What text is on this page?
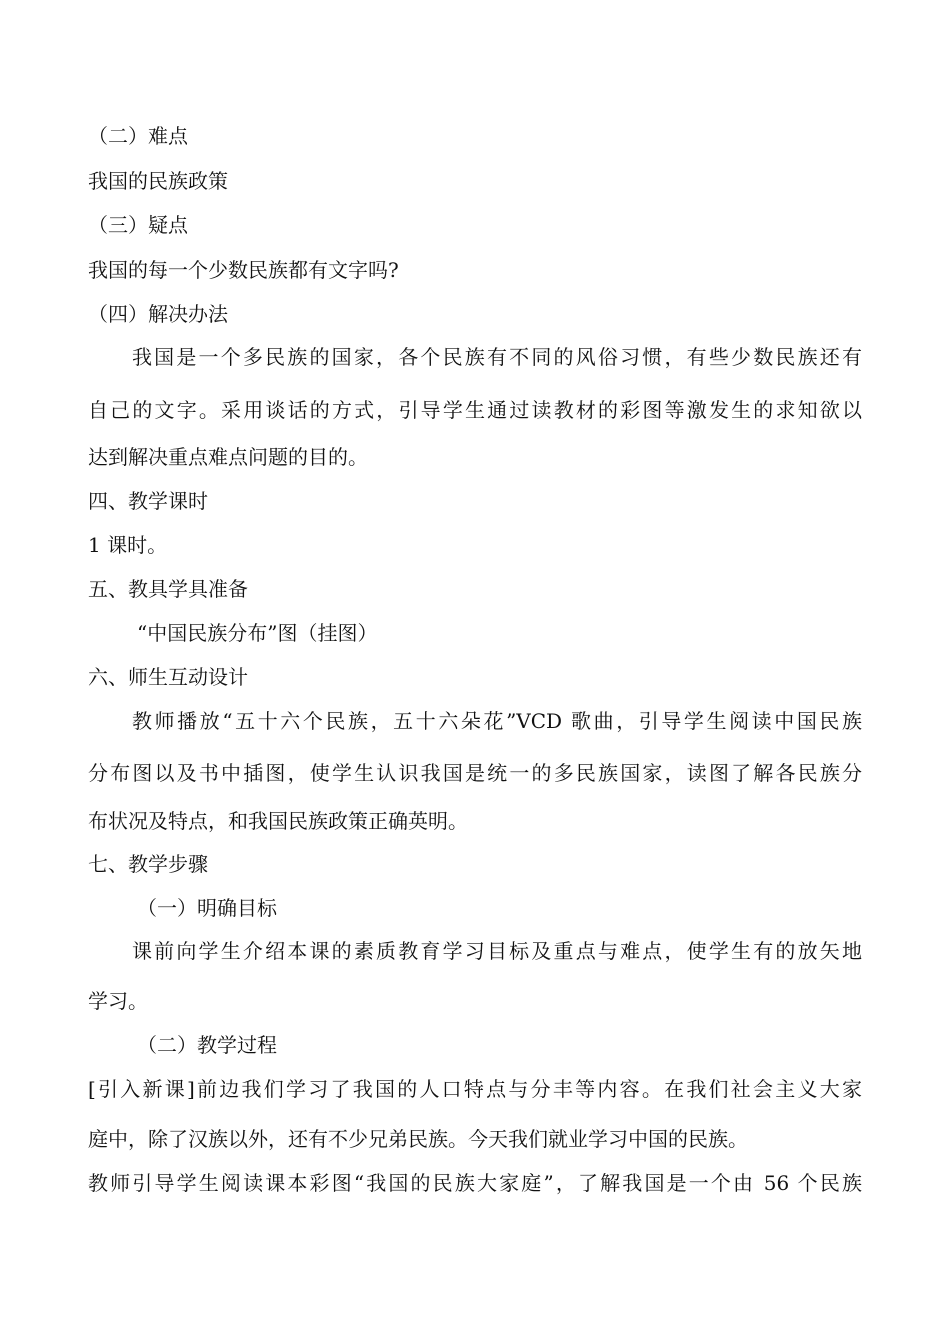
（二）难点
我国的民族政策
（三）疑点
我国的每一个少数民族都有文字吗?
（四）解决办法
我国是一个多民族的国家，各个民族有不同的风俗习惯，有些少数民族还有
自己的文字。采用谈话的方式，引导学生通过读教材的彩图等激发生的求知欲以
达到解决重点难点问题的目的。
四、教学课时
1 课时。
五、教具学具准备
“中国民族分布”图（挂图）
六、师生互动设计
教师播放“五十六个民族，五十六朵花”VCD 歌曲，引导学生阅读中国民族
分布图以及书中插图，使学生认识我国是统一的多民族国家，读图了解各民族分
布状况及特点，和我国民族政策正确英明。
七、教学步骤
（一）明确目标
课前向学生介绍本课的素质教育学习目标及重点与难点，使学生有的放矢地
学习。
（二）教学过程
[引入新课]前边我们学习了我国的人口特点与分丰等内容。在我们社会主义大家
庭中，除了汉族以外，还有不少兄弟民族。今天我们就业学习中国的民族。
教师引导学生阅读课本彩图“我国的民族大家庭”，了解我国是一个由 56 个民族
